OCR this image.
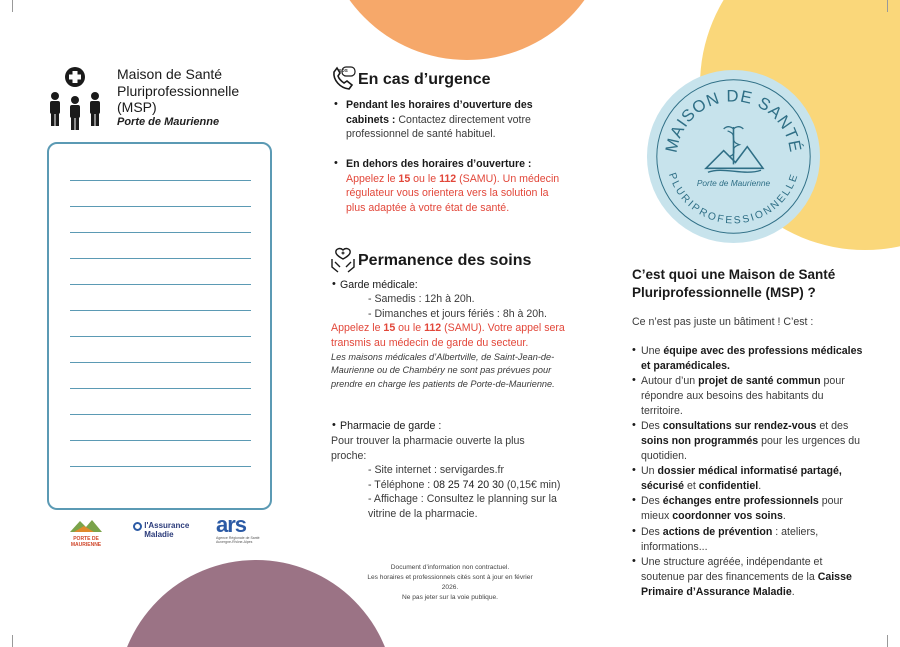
Maison de Santé
Pluriprofessionnelle
(MSP)
Porte de Maurienne
PORTE DE MAURIENNE

l'Assurance
Maladie	ars
Agence Régionale de Santé Auvergne-Rhône-Alpes
SOS
En cas d’urgence
• Pendant les horaires d’ouverture des cabinets : Contactez directement votre professionnel de santé habituel.
• En dehors des horaires d’ouverture :
Appelez le 15 ou le 112 (SAMU). Un médecin régulateur vous orientera vers la solution la plus adaptée à votre état de santé.
Permanence des soins
• Garde médicale:
- Samedis : 12h à 20h.
- Dimanches et jours fériés : 8h à 20h.
Appelez le 15 ou le 112 (SAMU). Votre appel sera transmis au médecin de garde du secteur.
Les maisons médicales d’Albertville, de Saint-Jean-de-Maurienne ou de Chambéry ne sont pas prévues pour prendre en charge les patients de Porte-de-Maurienne.
• Pharmacie de garde :
Pour trouver la pharmacie ouverte la plus proche:
- Site internet : servigardes.fr
- Téléphone : 08 25 74 20 30 (0,15€ min)
- Affichage : Consultez le planning sur la vitrine de la pharmacie.
Document d’information non contractuel.
Les horaires et professionnels cités sont à jour en février 2026.
Ne pas jeter sur la voie publique.
MAISON DE SANTÉ
PLURIPROFESSIONNELLE
Porte de Maurienne
C’est quoi une Maison de Santé Pluriprofessionnelle (MSP) ?
Ce n’est pas juste un bâtiment ! C’est :
• Une équipe avec des professions médicales et paramédicales.
• Autour d’un projet de santé commun pour répondre aux besoins des habitants du territoire.
• Des consultations sur rendez-vous et des soins non programmés pour les urgences du quotidien.
• Un dossier médical informatisé partagé, sécurisé et confidentiel.
• Des échanges entre professionnels pour mieux coordonner vos soins.
• Des actions de prévention : ateliers, informations...
• Une structure agréée, indépendante et soutenue par des financements de la Caisse Primaire d’Assurance Maladie.
